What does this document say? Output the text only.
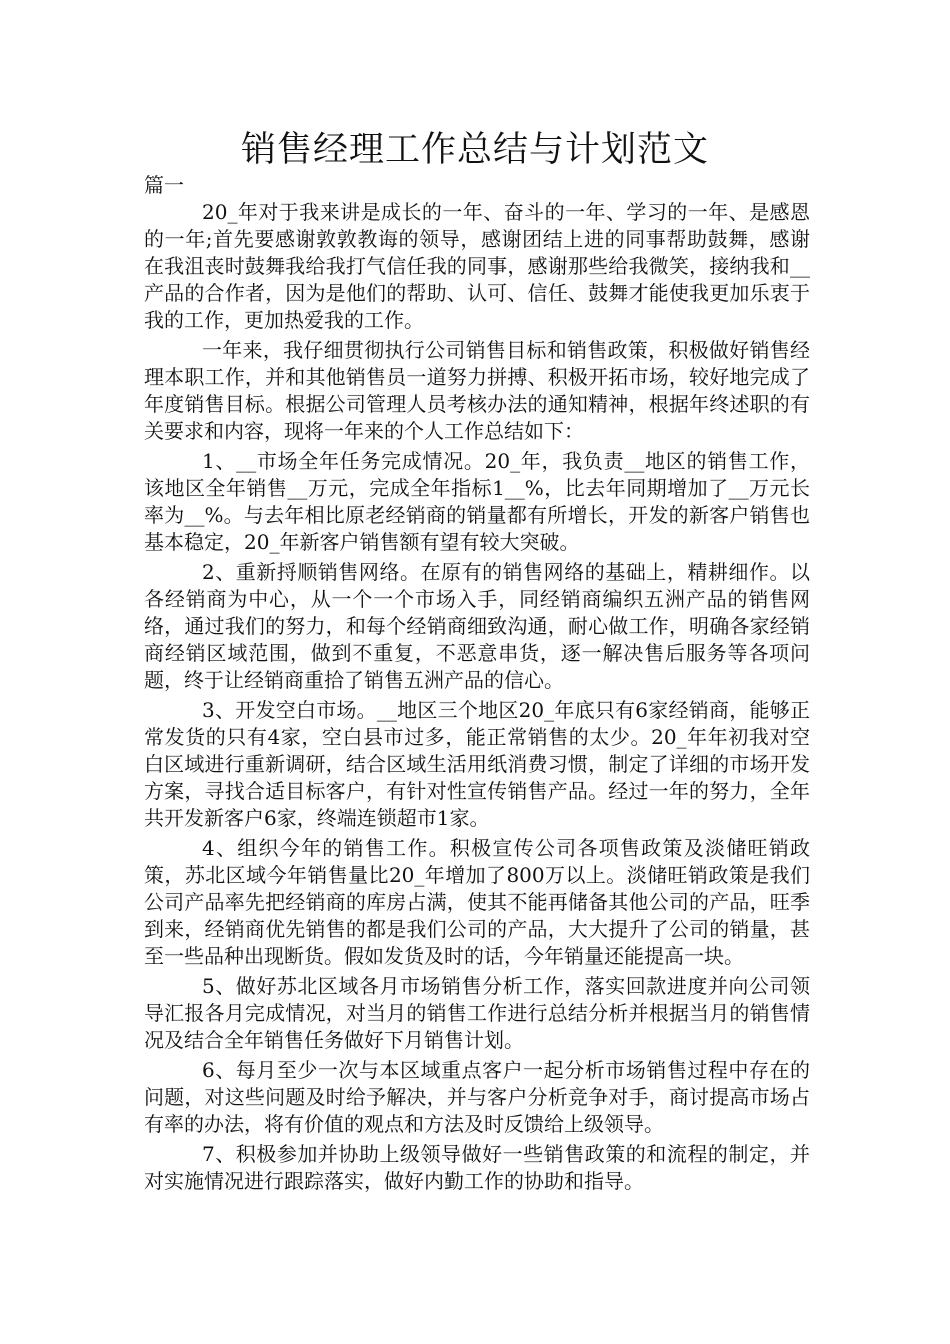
销售经理工作总结与计划范文

篇一

20_年对于我来讲是成长的一年、奋斗的一年、学习的一年、是感恩的一年;首先要感谢敦敦教诲的领导，感谢团结上进的同事帮助鼓舞，感谢在我沮丧时鼓舞我给我打气信任我的同事，感谢那些给我微笑，接纳我和__产品的合作者，因为是他们的帮助、认可、信任、鼓舞才能使我更加乐衷于我的工作，更加热爱我的工作。

一年来，我仔细贯彻执行公司销售目标和销售政策，积极做好销售经理本职工作，并和其他销售员一道努力拼搏、积极开拓市场，较好地完成了年度销售目标。根据公司管理人员考核办法的通知精神，根据年终述职的有关要求和内容，现将一年来的个人工作总结如下：

1、__市场全年任务完成情况。20_年，我负责__地区的销售工作，该地区全年销售__万元，完成全年指标1__%，比去年同期增加了__万元长率为__%。与去年相比原老经销商的销量都有所增长，开发的新客户销售也基本稳定，20_年新客户销售额有望有较大突破。

2、重新捋顺销售网络。在原有的销售网络的基础上，精耕细作。以各经销商为中心，从一个一个市场入手，同经销商编织五洲产品的销售网络，通过我们的努力，和每个经销商细致沟通，耐心做工作，明确各家经销商经销区域范围，做到不重复，不恶意串货，逐一解决售后服务等各项问题，终于让经销商重拾了销售五洲产品的信心。

3、开发空白市场。__地区三个地区20_年底只有6家经销商，能够正常发货的只有4家，空白县市过多，能正常销售的太少。20_年年初我对空白区域进行重新调研，结合区域生活用纸消费习惯，制定了详细的市场开发方案，寻找合适目标客户，有针对性宣传销售产品。经过一年的努力，全年共开发新客户6家，终端连锁超市1家。

4、组织今年的销售工作。积极宣传公司各项售政策及淡储旺销政策，苏北区域今年销售量比20_年增加了800万以上。淡储旺销政策是我们公司产品率先把经销商的库房占满，使其不能再储备其他公司的产品，旺季到来，经销商优先销售的都是我们公司的产品，大大提升了公司的销量，甚至一些品种出现断货。假如发货及时的话，今年销量还能提高一块。

5、做好苏北区域各月市场销售分析工作，落实回款进度并向公司领导汇报各月完成情况，对当月的销售工作进行总结分析并根据当月的销售情况及结合全年销售任务做好下月销售计划。

6、每月至少一次与本区域重点客户一起分析市场销售过程中存在的问题，对这些问题及时给予解决，并与客户分析竞争对手，商讨提高市场占有率的办法，将有价值的观点和方法及时反馈给上级领导。

7、积极参加并协助上级领导做好一些销售政策的和流程的制定，并对实施情况进行跟踪落实，做好内勤工作的协助和指导。
